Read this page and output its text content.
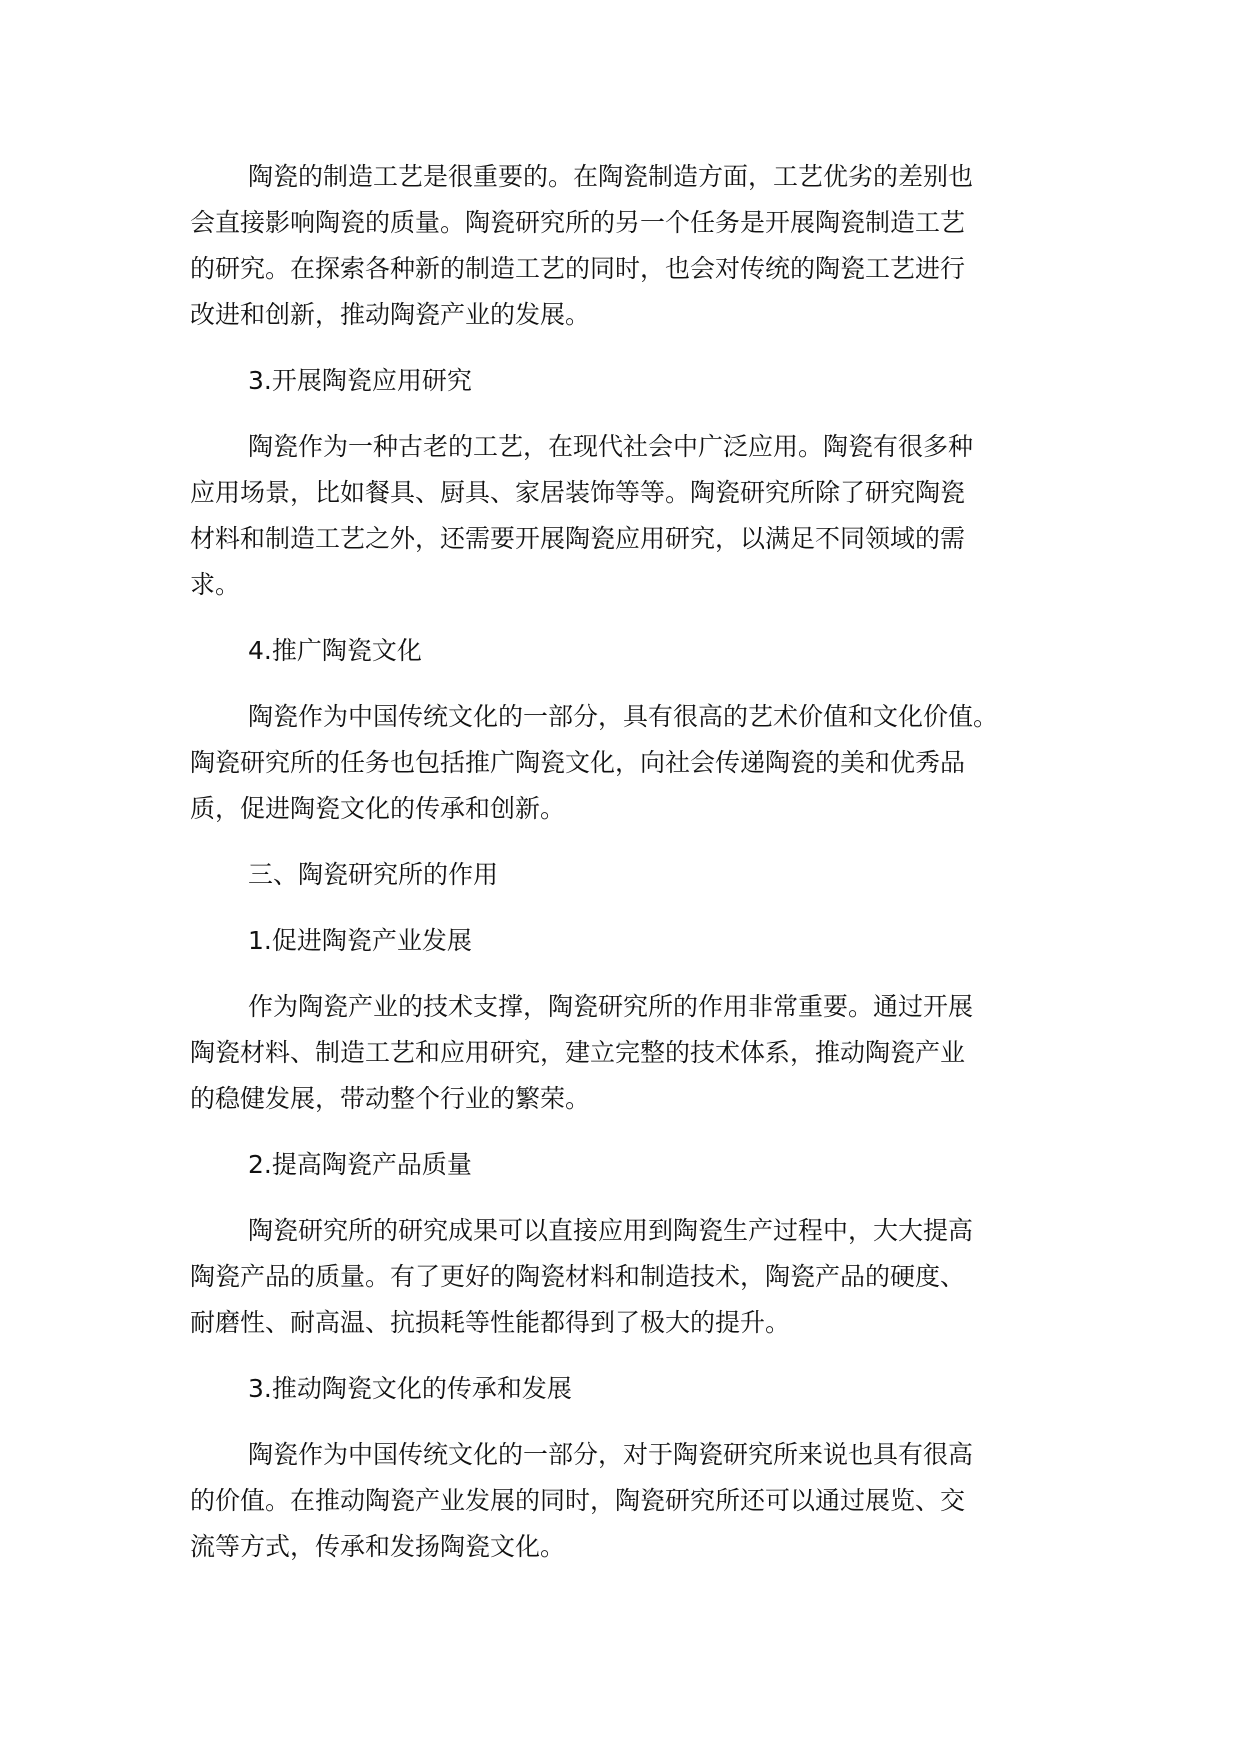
陶瓷的制造工艺是很重要的。在陶瓷制造方面，工艺优劣的差别也

会直接影响陶瓷的质量。陶瓷研究所的另一个任务是开展陶瓷制造工艺

的研究。在探索各种新的制造工艺的同时，也会对传统的陶瓷工艺进行

改进和创新，推动陶瓷产业的发展。

3.开展陶瓷应用研究

陶瓷作为一种古老的工艺，在现代社会中广泛应用。陶瓷有很多种

应用场景，比如餐具、厨具、家居装饰等等。陶瓷研究所除了研究陶瓷

材料和制造工艺之外，还需要开展陶瓷应用研究，以满足不同领域的需

求。

4.推广陶瓷文化

陶瓷作为中国传统文化的一部分，具有很高的艺术价值和文化价值。

陶瓷研究所的任务也包括推广陶瓷文化，向社会传递陶瓷的美和优秀品

质，促进陶瓷文化的传承和创新。

三、陶瓷研究所的作用

1.促进陶瓷产业发展

作为陶瓷产业的技术支撑，陶瓷研究所的作用非常重要。通过开展

陶瓷材料、制造工艺和应用研究，建立完整的技术体系，推动陶瓷产业

的稳健发展，带动整个行业的繁荣。

2.提高陶瓷产品质量

陶瓷研究所的研究成果可以直接应用到陶瓷生产过程中，大大提高

陶瓷产品的质量。有了更好的陶瓷材料和制造技术，陶瓷产品的硬度、

耐磨性、耐高温、抗损耗等性能都得到了极大的提升。

3.推动陶瓷文化的传承和发展

陶瓷作为中国传统文化的一部分，对于陶瓷研究所来说也具有很高

的价值。在推动陶瓷产业发展的同时，陶瓷研究所还可以通过展览、交

流等方式，传承和发扬陶瓷文化。
